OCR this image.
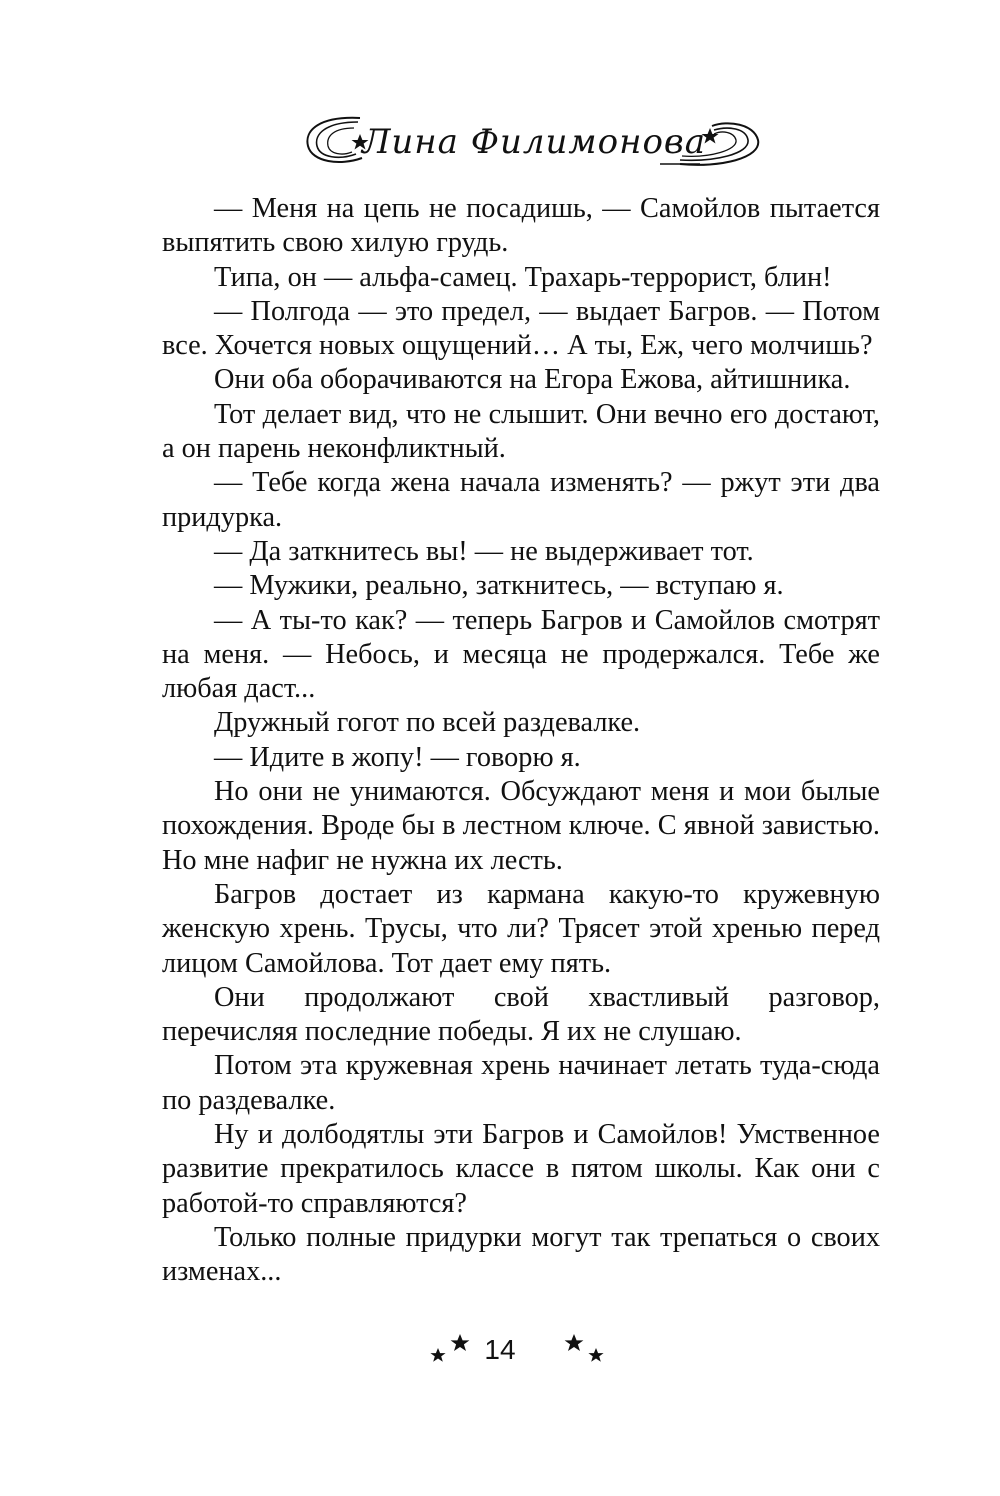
Лина Филимонова

— Меня на цепь не посадишь, — Самойлов пытается выпятить свою хилую грудь.

Типа, он — альфа-самец. Трахарь-террорист, блин!

— Полгода — это предел, — выдает Багров. — Потом все. Хочется новых ощущений… А ты, Еж, чего молчишь?

Они оба оборачиваются на Егора Ежова, айтишника.

Тот делает вид, что не слышит. Они вечно его достают, а он парень неконфликтный.

— Тебе когда жена начала изменять? — ржут эти два придурка.

— Да заткнитесь вы! — не выдерживает тот.

— Мужики, реально, заткнитесь, — вступаю я.

— А ты-то как? — теперь Багров и Самойлов смотрят на меня. — Небось, и месяца не продержался. Тебе же любая даст...

Дружный гогот по всей раздевалке.

— Идите в жопу! — говорю я.

Но они не унимаются. Обсуждают меня и мои былые похождения. Вроде бы в лестном ключе. С явной завистью. Но мне нафиг не нужна их лесть.

Багров достает из кармана какую-то кружевную женскую хрень. Трусы, что ли? Трясет этой хренью перед лицом Самойлова. Тот дает ему пять.

Они продолжают свой хвастливый разговор, перечисляя последние победы. Я их не слушаю.

Потом эта кружевная хрень начинает летать туда-сюда по раздевалке.

Ну и долбодятлы эти Багров и Самойлов! Умственное развитие прекратилось классе в пятом школы. Как они с работой-то справляются?

Только полные придурки могут так трепаться о своих изменах...

14
